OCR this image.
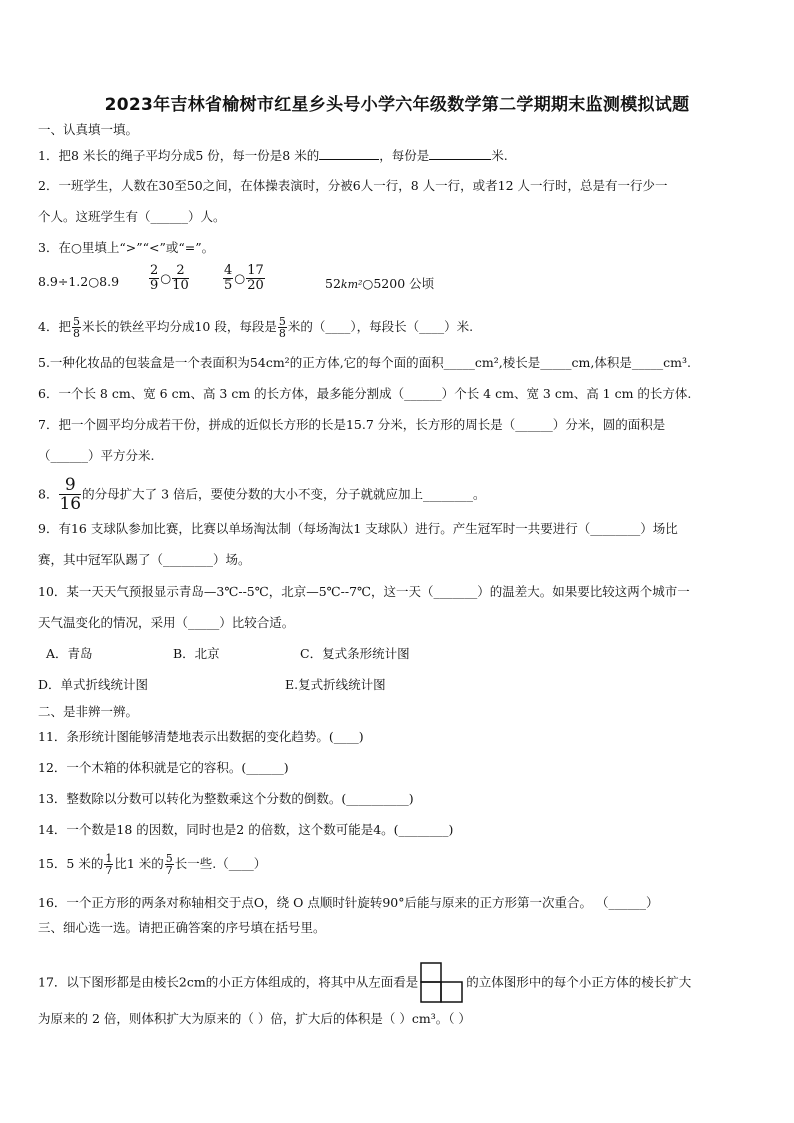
2023年吉林省榆树市红星乡头号小学六年级数学第二学期期末监测模拟试题
一、认真填一填。
1．把8 米长的绳子平均分成5 份，每一份是8 米的	，每份是	米.
2．一班学生，人数在30至50之间，在体操表演时，分被6人一行，8 人一行，或者12 人一行时，总是有一行少一
个人。这班学生有（______）人。
3．在○里填上“>”“<”或“=”。
8.9÷1.2○8.9 $\frac{2}{9}$ ○ $\frac{2}{10}$	$\frac{4}{5}$ ○ $\frac{17}{20}$	52km²○5200 公顷
4．把 $\frac{5}{8}$ 米长的铁丝平均分成10 段，每段是 $\frac{5}{8}$ 米的（____），每段长（____）米.
5.一种化妆品的包装盒是一个表面积为54cm²的正方体,它的每个面的面积_____cm²,棱长是_____cm,体积是_____cm³.
6．一个长 8 cm、宽 6 cm、高 3 cm 的长方体，最多能分割成（______）个长 4 cm、宽 3 cm、高 1 cm 的长方体.
7．把一个圆平均分成若干份，拼成的近似长方形的长是15.7 分米，长方形的周长是（______）分米，圆的面积是
（______）平方分米.
8． $\frac{9}{16}$ 的分母扩大了 3 倍后，要使分数的大小不变，分子就就应加上________。
9．有16 支球队参加比赛，比赛以单场淘汰制（每场淘汰1 支球队）进行。产生冠军时一共要进行（________）场比
赛，其中冠军队踢了（________）场。
10．某一天天气预报显示青岛—3℃--5℃，北京—5℃--7℃，这一天（_______）的温差大。如果要比较这两个城市一
天气温变化的情况，采用（_____）比较合适。
A．青岛	B．北京	C．复式条形统计图
D．单式折线统计图	E.复式折线统计图
二、是非辨一辨。
11．条形统计图能够清楚地表示出数据的变化趋势。(____)
12．一个木箱的体积就是它的容积。(______)
13．整数除以分数可以转化为整数乘这个分数的倒数。(__________)
14．一个数是18 的因数，同时也是2 的倍数，这个数可能是4。(________)
15．5 米的 $\frac{1}{7}$ 比1 米的 $\frac{5}{7}$ 长一些.（____）
16．一个正方形的两条对称轴相交于点O，绕 O 点顺时针旋转90°后能与原来的正方形第一次重合。 （______）
三、细心选一选。请把正确答案的序号填在括号里。
17．以下图形都是由棱长2cm的小正方体组成的，将其中从左面看是	的立体图形中的每个小正方体的棱长扩大
为原来的 2 倍，则体积扩大为原来的（ ）倍，扩大后的体积是（ ）cm³。（ ）
